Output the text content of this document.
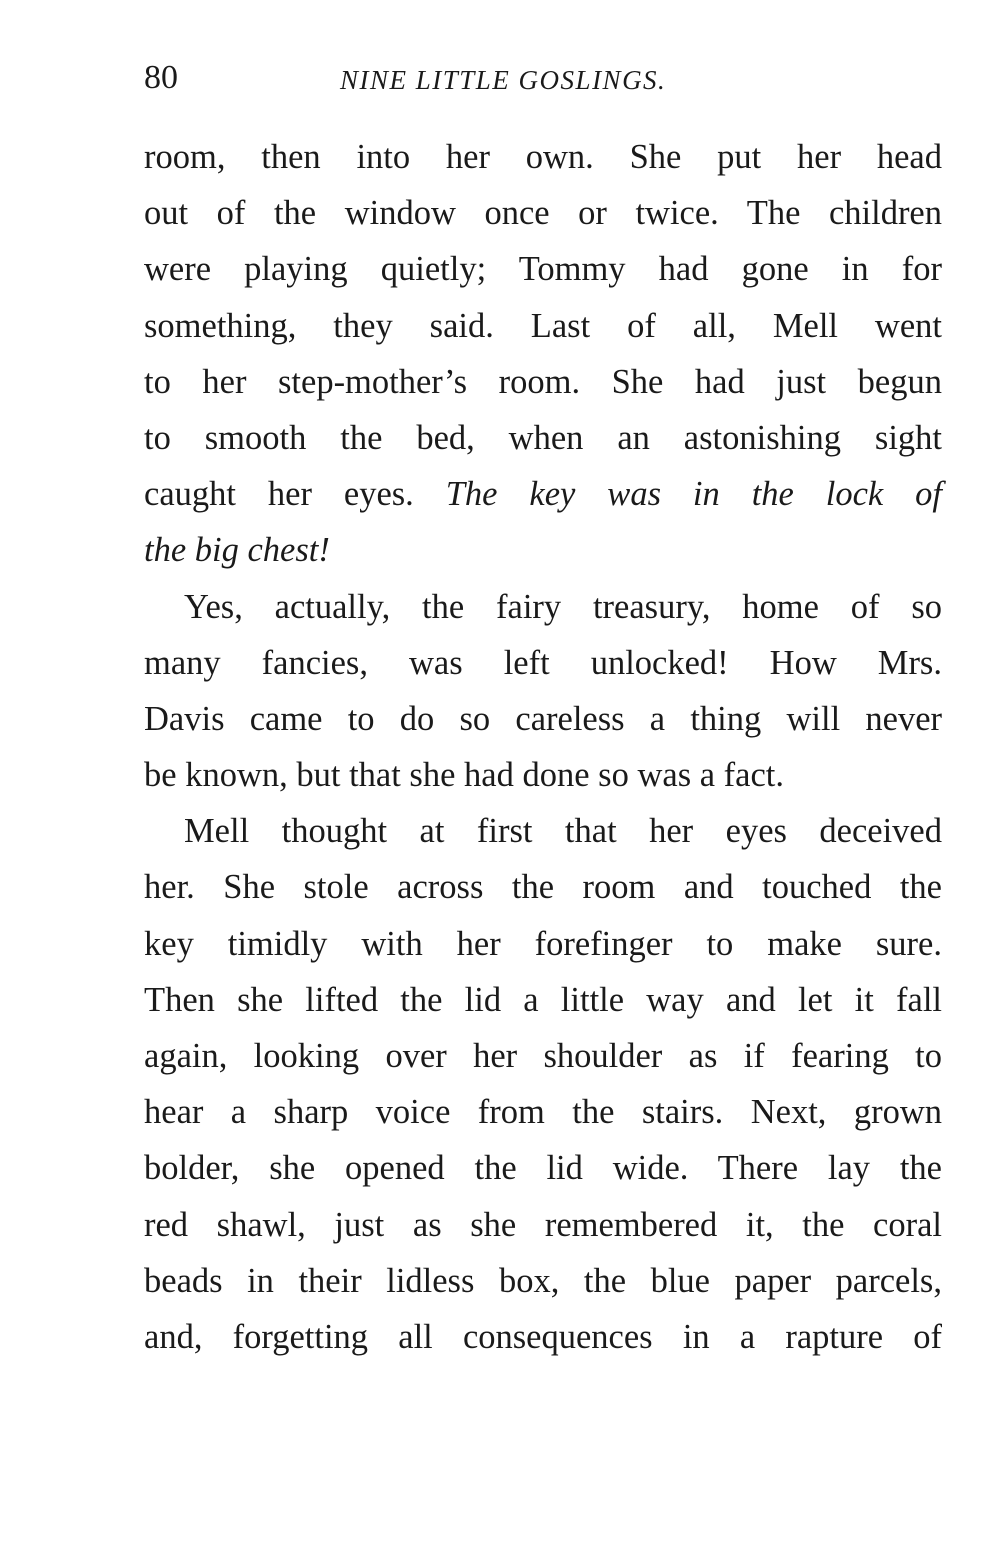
80	NINE LITTLE GOSLINGS.
room, then into her own. She put her head
out of the window once or twice. The children
were playing quietly; Tommy had gone in for
something, they said. Last of all, Mell went
to her step-mother’s room. She had just begun
to smooth the bed, when an astonishing sight
caught her eyes. The key was in the lock of
the big chest!
Yes, actually, the fairy treasury, home of so
many fancies, was left unlocked! How Mrs.
Davis came to do so careless a thing will never
be known, but that she had done so was a fact.
Mell thought at first that her eyes deceived
her. She stole across the room and touched the
key timidly with her forefinger to make sure.
Then she lifted the lid a little way and let it fall
again, looking over her shoulder as if fearing to
hear a sharp voice from the stairs. Next, grown
bolder, she opened the lid wide. There lay the
red shawl, just as she remembered it, the coral
beads in their lidless box, the blue paper parcels,
and, forgetting all consequences in a rapture of
